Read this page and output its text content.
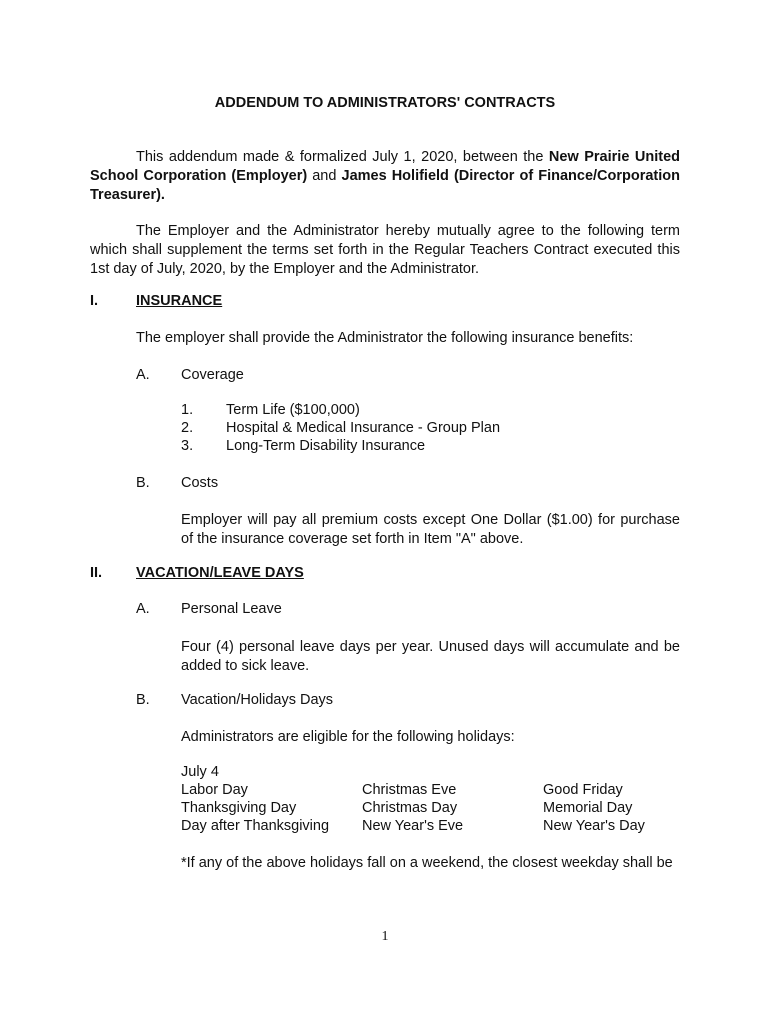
ADDENDUM TO ADMINISTRATORS' CONTRACTS
This addendum made & formalized July 1, 2020, between the New Prairie United School Corporation (Employer) and James Holifield (Director of Finance/Corporation Treasurer).
The Employer and the Administrator hereby mutually agree to the following term which shall supplement the terms set forth in the Regular Teachers Contract executed this 1st day of July, 2020, by the Employer and the Administrator.
I.	INSURANCE
The employer shall provide the Administrator the following insurance benefits:
A. Coverage
1. Term Life ($100,000)
2. Hospital & Medical Insurance - Group Plan
3. Long-Term Disability Insurance
B. Costs
Employer will pay all premium costs except One Dollar ($1.00) for purchase of the insurance coverage set forth in Item "A" above.
II. VACATION/LEAVE DAYS
A. Personal Leave
Four (4) personal leave days per year. Unused days will accumulate and be added to sick leave.
B. Vacation/Holidays Days
Administrators are eligible for the following holidays:
July 4
Labor Day
Thanksgiving Day
Day after Thanksgiving
Christmas Eve
Christmas Day
New Year's Eve
Good Friday
Memorial Day
New Year's Day
*If any of the above holidays fall on a weekend, the closest weekday shall be
1
